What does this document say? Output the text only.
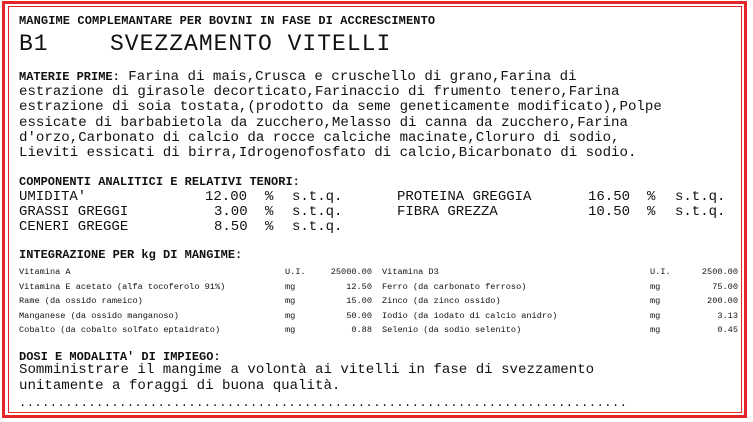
MANGIME COMPLEMANTARE PER BOVINI IN FASE DI ACCRESCIMENTO
B1	SVEZZAMENTO VITELLI
MATERIE PRIME: Farina di mais,Crusca e cruschello di grano,Farina di
estrazione di girasole decorticato,Farinaccio di frumento tenero,Farina
estrazione di soia tostata,(prodotto da seme geneticamente modificato),Polpe
essicate di barbabietola da zucchero,Melasso di canna da zucchero,Farina
d'orzo,Carbonato di calcio da rocce calciche macinate,Cloruro di sodio,
Lieviti essicati di birra,Idrogenofosfato di calcio,Bicarbonato di sodio.
COMPONENTI ANALITICI E RELATIVI TENORI:
UMIDITA'	12.00 % s.t.q.
GRASSI GREGGI	3.00 % s.t.q.
CENERI GREGGE	8.50 % s.t.q.
PROTEINA GREGGIA	16.50 % s.t.q.
FIBRA GREZZA	10.50 % s.t.q.
INTEGRAZIONE PER kg DI MANGIME:
Vitamina A	U.I.	25000.00
Vitamina E acetato (alfa tocoferolo 91%)	mg	12.50
Rame (da ossido rameico)	mg	15.00
Manganese (da ossido manganoso)	mg	50.00
Cobalto (da cobalto solfato eptaidrato)	mg	0.88
Vitamina D3	U.I.	2500.00
Ferro (da carbonato ferroso)	mg	75.00
Zinco (da zinco ossido)	mg	200.00
Iodio (da iodato di calcio anidro)	mg	3.13
Selenio (da sodio selenito)	mg	0.45
DOSI E MODALITA' DI IMPIEGO:
Somministrare il mangime a volontà ai vitelli in fase di svezzamento
unitamente a foraggi di buona qualità.
...............................................................................
